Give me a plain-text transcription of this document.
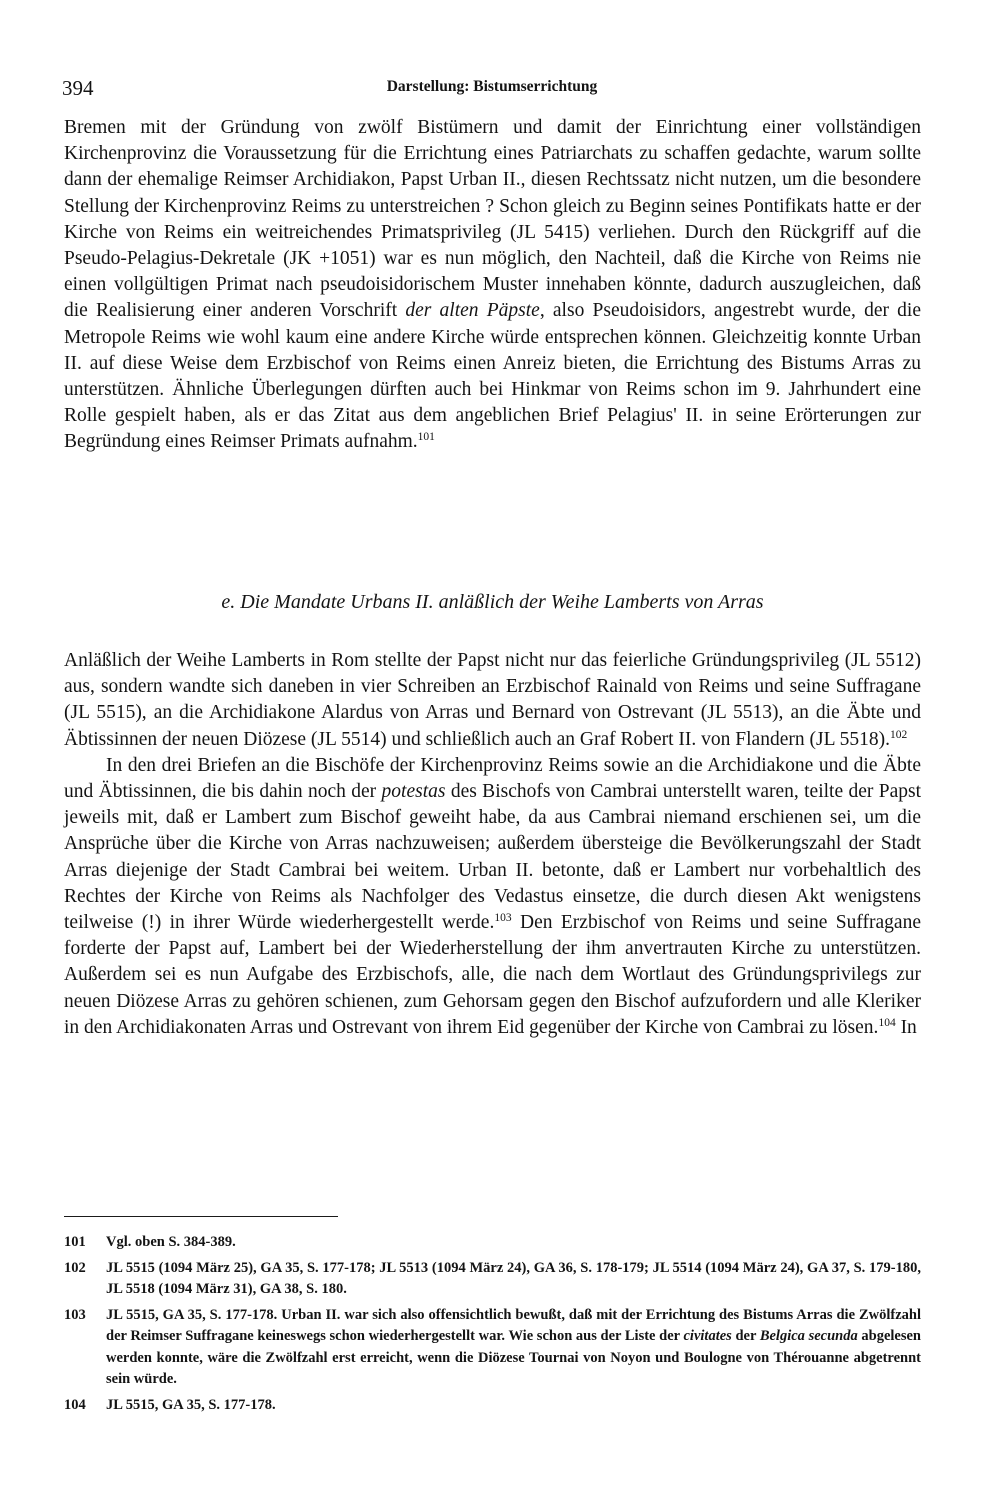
394	Darstellung: Bistumserrichtung

Bremen mit der Gründung von zwölf Bistümern und damit der Einrichtung einer vollständigen Kirchenprovinz die Voraussetzung für die Errichtung eines Patriarchats zu schaffen gedachte, warum sollte dann der ehemalige Reimser Archidiakon, Papst Urban II., diesen Rechtssatz nicht nutzen, um die besondere Stellung der Kirchenprovinz Reims zu unterstreichen ? Schon gleich zu Beginn seines Pontifikats hatte er der Kirche von Reims ein weitreichendes Primatsprivileg (JL 5415) verliehen. Durch den Rückgriff auf die Pseudo-Pelagius-Dekretale (JK +1051) war es nun möglich, den Nachteil, daß die Kirche von Reims nie einen vollgültigen Primat nach pseudoisidorischem Muster innehaben könnte, dadurch auszugleichen, daß die Realisierung einer anderen Vorschrift der alten Päpste, also Pseudoisidors, angestrebt wurde, der die Metropole Reims wie wohl kaum eine andere Kirche würde entsprechen können. Gleichzeitig konnte Urban II. auf diese Weise dem Erzbischof von Reims einen Anreiz bieten, die Errichtung des Bistums Arras zu unterstützen. Ähnliche Überlegungen dürften auch bei Hinkmar von Reims schon im 9. Jahrhundert eine Rolle gespielt haben, als er das Zitat aus dem angeblichen Brief Pelagius' II. in seine Erörterungen zur Begründung eines Reimser Primats aufnahm.$^{101}$

e. Die Mandate Urbans II. anläßlich der Weihe Lamberts von Arras

Anläßlich der Weihe Lamberts in Rom stellte der Papst nicht nur das feierliche Gründungsprivileg (JL 5512) aus, sondern wandte sich daneben in vier Schreiben an Erzbischof Rainald von Reims und seine Suffragane (JL 5515), an die Archidiakone Alardus von Arras und Bernard von Ostrevant (JL 5513), an die Äbte und Äbtissinnen der neuen Diözese (JL 5514) und schließlich auch an Graf Robert II. von Flandern (JL 5518).$^{102}$

In den drei Briefen an die Bischöfe der Kirchenprovinz Reims sowie an die Archidiakone und die Äbte und Äbtissinnen, die bis dahin noch der potestas des Bischofs von Cambrai unterstellt waren, teilte der Papst jeweils mit, daß er Lambert zum Bischof geweiht habe, da aus Cambrai niemand erschienen sei, um die Ansprüche über die Kirche von Arras nachzuweisen; außerdem übersteige die Bevölkerungszahl der Stadt Arras diejenige der Stadt Cambrai bei weitem. Urban II. betonte, daß er Lambert nur vorbehaltlich des Rechtes der Kirche von Reims als Nachfolger des Vedastus einsetze, die durch diesen Akt wenigstens teilweise (!) in ihrer Würde wiederhergestellt werde.$^{103}$ Den Erzbischof von Reims und seine Suffragane forderte der Papst auf, Lambert bei der Wiederherstellung der ihm anvertrauten Kirche zu unterstützen. Außerdem sei es nun Aufgabe des Erzbischofs, alle, die nach dem Wortlaut des Gründungsprivilegs zur neuen Diözese Arras zu gehören schienen, zum Gehorsam gegen den Bischof aufzufordern und alle Kleriker in den Archidiakonaten Arras und Ostrevant von ihrem Eid gegenüber der Kirche von Cambrai zu lösen.$^{104}$ In

101	Vgl. oben S. 384-389.
102	JL 5515 (1094 März 25), GA 35, S. 177-178; JL 5513 (1094 März 24), GA 36, S. 178-179; JL 5514 (1094 März 24), GA 37, S. 179-180, JL 5518 (1094 März 31), GA 38, S. 180.
103	JL 5515, GA 35, S. 177-178. Urban II. war sich also offensichtlich bewußt, daß mit der Errichtung des Bistums Arras die Zwölfzahl der Reimser Suffragane keineswegs schon wiederhergestellt war. Wie schon aus der Liste der civitates der Belgica secunda abgelesen werden konnte, wäre die Zwölfzahl erst erreicht, wenn die Diözese Tournai von Noyon und Boulogne von Thérouanne abgetrennt sein würde.
104	JL 5515, GA 35, S. 177-178.
